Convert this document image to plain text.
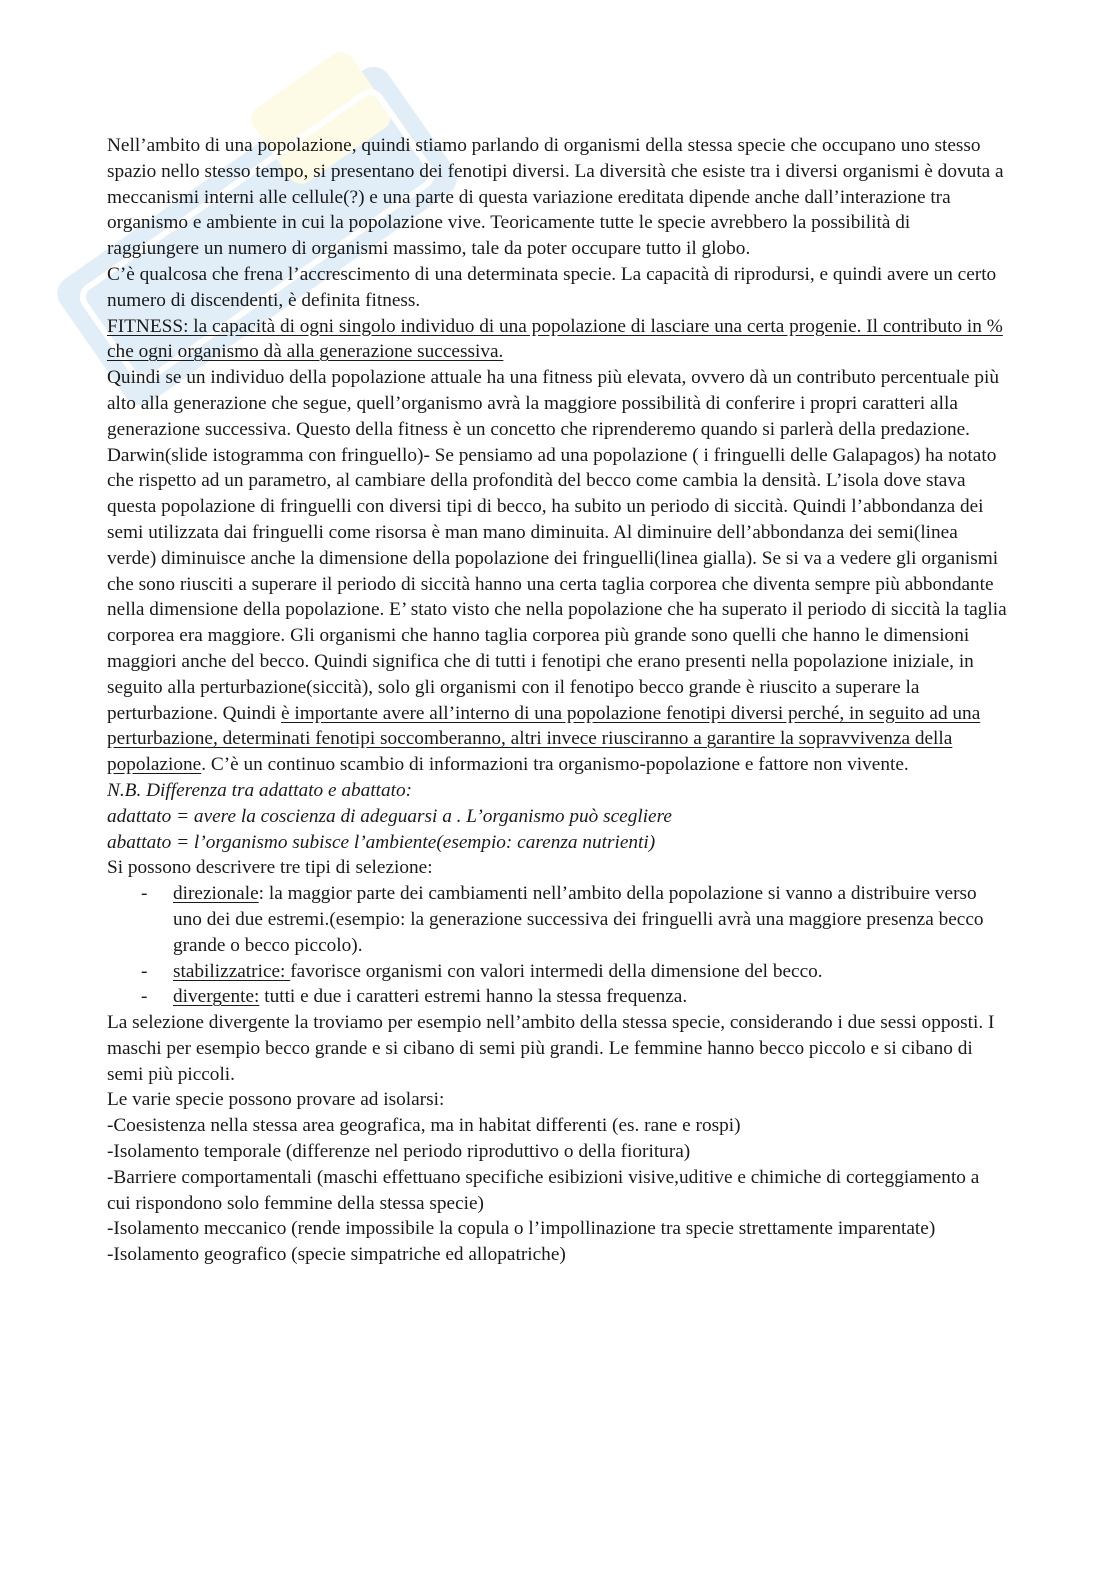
Nell’ambito di una popolazione, quindi stiamo parlando di organismi della stessa specie che occupano uno stesso spazio nello stesso tempo, si presentano dei fenotipi diversi. La diversità che esiste tra i diversi organismi è dovuta a meccanismi interni alle cellule(?) e una parte di questa variazione ereditata dipende anche dall’interazione tra organismo e ambiente in cui la popolazione vive. Teoricamente tutte le specie avrebbero la possibilità di raggiungere un numero di organismi massimo, tale da poter occupare tutto il globo.

C’è qualcosa che frena l’accrescimento di una determinata specie. La capacità di riprodursi, e quindi avere un certo numero di discendenti, è definita fitness.

FITNESS: la capacità di ogni singolo individuo di una popolazione di lasciare una certa progenie. Il contributo in % che ogni organismo dà alla generazione successiva.

Quindi se un individuo della popolazione attuale ha una fitness più elevata, ovvero dà un contributo percentuale più alto alla generazione che segue, quell’organismo avrà la maggiore possibilità di conferire i propri caratteri alla generazione successiva. Questo della fitness è un concetto che riprenderemo quando si parlerà della predazione.

Darwin(slide istogramma con fringuello)- Se pensiamo ad una popolazione ( i fringuelli delle Galapagos) ha notato che rispetto ad un parametro, al cambiare della profondità del becco come cambia la densità. L’isola dove stava questa popolazione di fringuelli con diversi tipi di becco, ha subito un periodo di siccità. Quindi l’abbondanza dei semi utilizzata dai fringuelli come risorsa è man mano diminuita. Al diminuire dell’abbondanza dei semi(linea verde) diminuisce anche la dimensione della popolazione dei fringuelli(linea gialla). Se si va a vedere gli organismi che sono riusciti a superare il periodo di siccità hanno una certa taglia corporea che diventa sempre più abbondante nella dimensione della popolazione. E’ stato visto che nella popolazione che ha superato il periodo di siccità la taglia corporea era maggiore. Gli organismi che hanno taglia corporea più grande sono quelli che hanno le dimensioni maggiori anche del becco. Quindi significa che di tutti i fenotipi che erano presenti nella popolazione iniziale, in seguito alla perturbazione(siccità), solo gli organismi con il fenotipo becco grande è riuscito a superare la perturbazione. Quindi è importante avere all’interno di una popolazione fenotipi diversi perché, in seguito ad una perturbazione, determinati fenotipi soccomberanno, altri invece riusciranno a garantire la sopravvivenza della popolazione. C’è un continuo scambio di informazioni tra organismo-popolazione e fattore non vivente.

N.B. Differenza tra adattato e abattato:

adattato = avere la coscienza di adeguarsi a . L’organismo può scegliere

abattato = l’organismo subisce l’ambiente(esempio: carenza nutrienti)

Si possono descrivere tre tipi di selezione:

- direzionale: la maggior parte dei cambiamenti nell’ambito della popolazione si vanno a distribuire verso uno dei due estremi.(esempio: la generazione successiva dei fringuelli avrà una maggiore presenza becco grande o becco piccolo).
- stabilizzatrice: favorisce organismi con valori intermedi della dimensione del becco.
- divergente: tutti e due i caratteri estremi hanno la stessa frequenza.

La selezione divergente la troviamo per esempio nell’ambito della stessa specie, considerando i due sessi opposti. I maschi per esempio becco grande e si cibano di semi più grandi. Le femmine hanno becco piccolo e si cibano di semi più piccoli.

Le varie specie possono provare ad isolarsi:

-Coesistenza nella stessa area geografica, ma in habitat differenti (es. rane e rospi)

-Isolamento temporale (differenze nel periodo riproduttivo o della fioritura)

-Barriere comportamentali (maschi effettuano specifiche esibizioni visive,uditive e chimiche di corteggiamento a cui rispondono solo femmine della stessa specie)

-Isolamento meccanico (rende impossibile la copula o l’impollinazione tra specie strettamente imparentate)

-Isolamento geografico (specie simpatriche ed allopatriche)
